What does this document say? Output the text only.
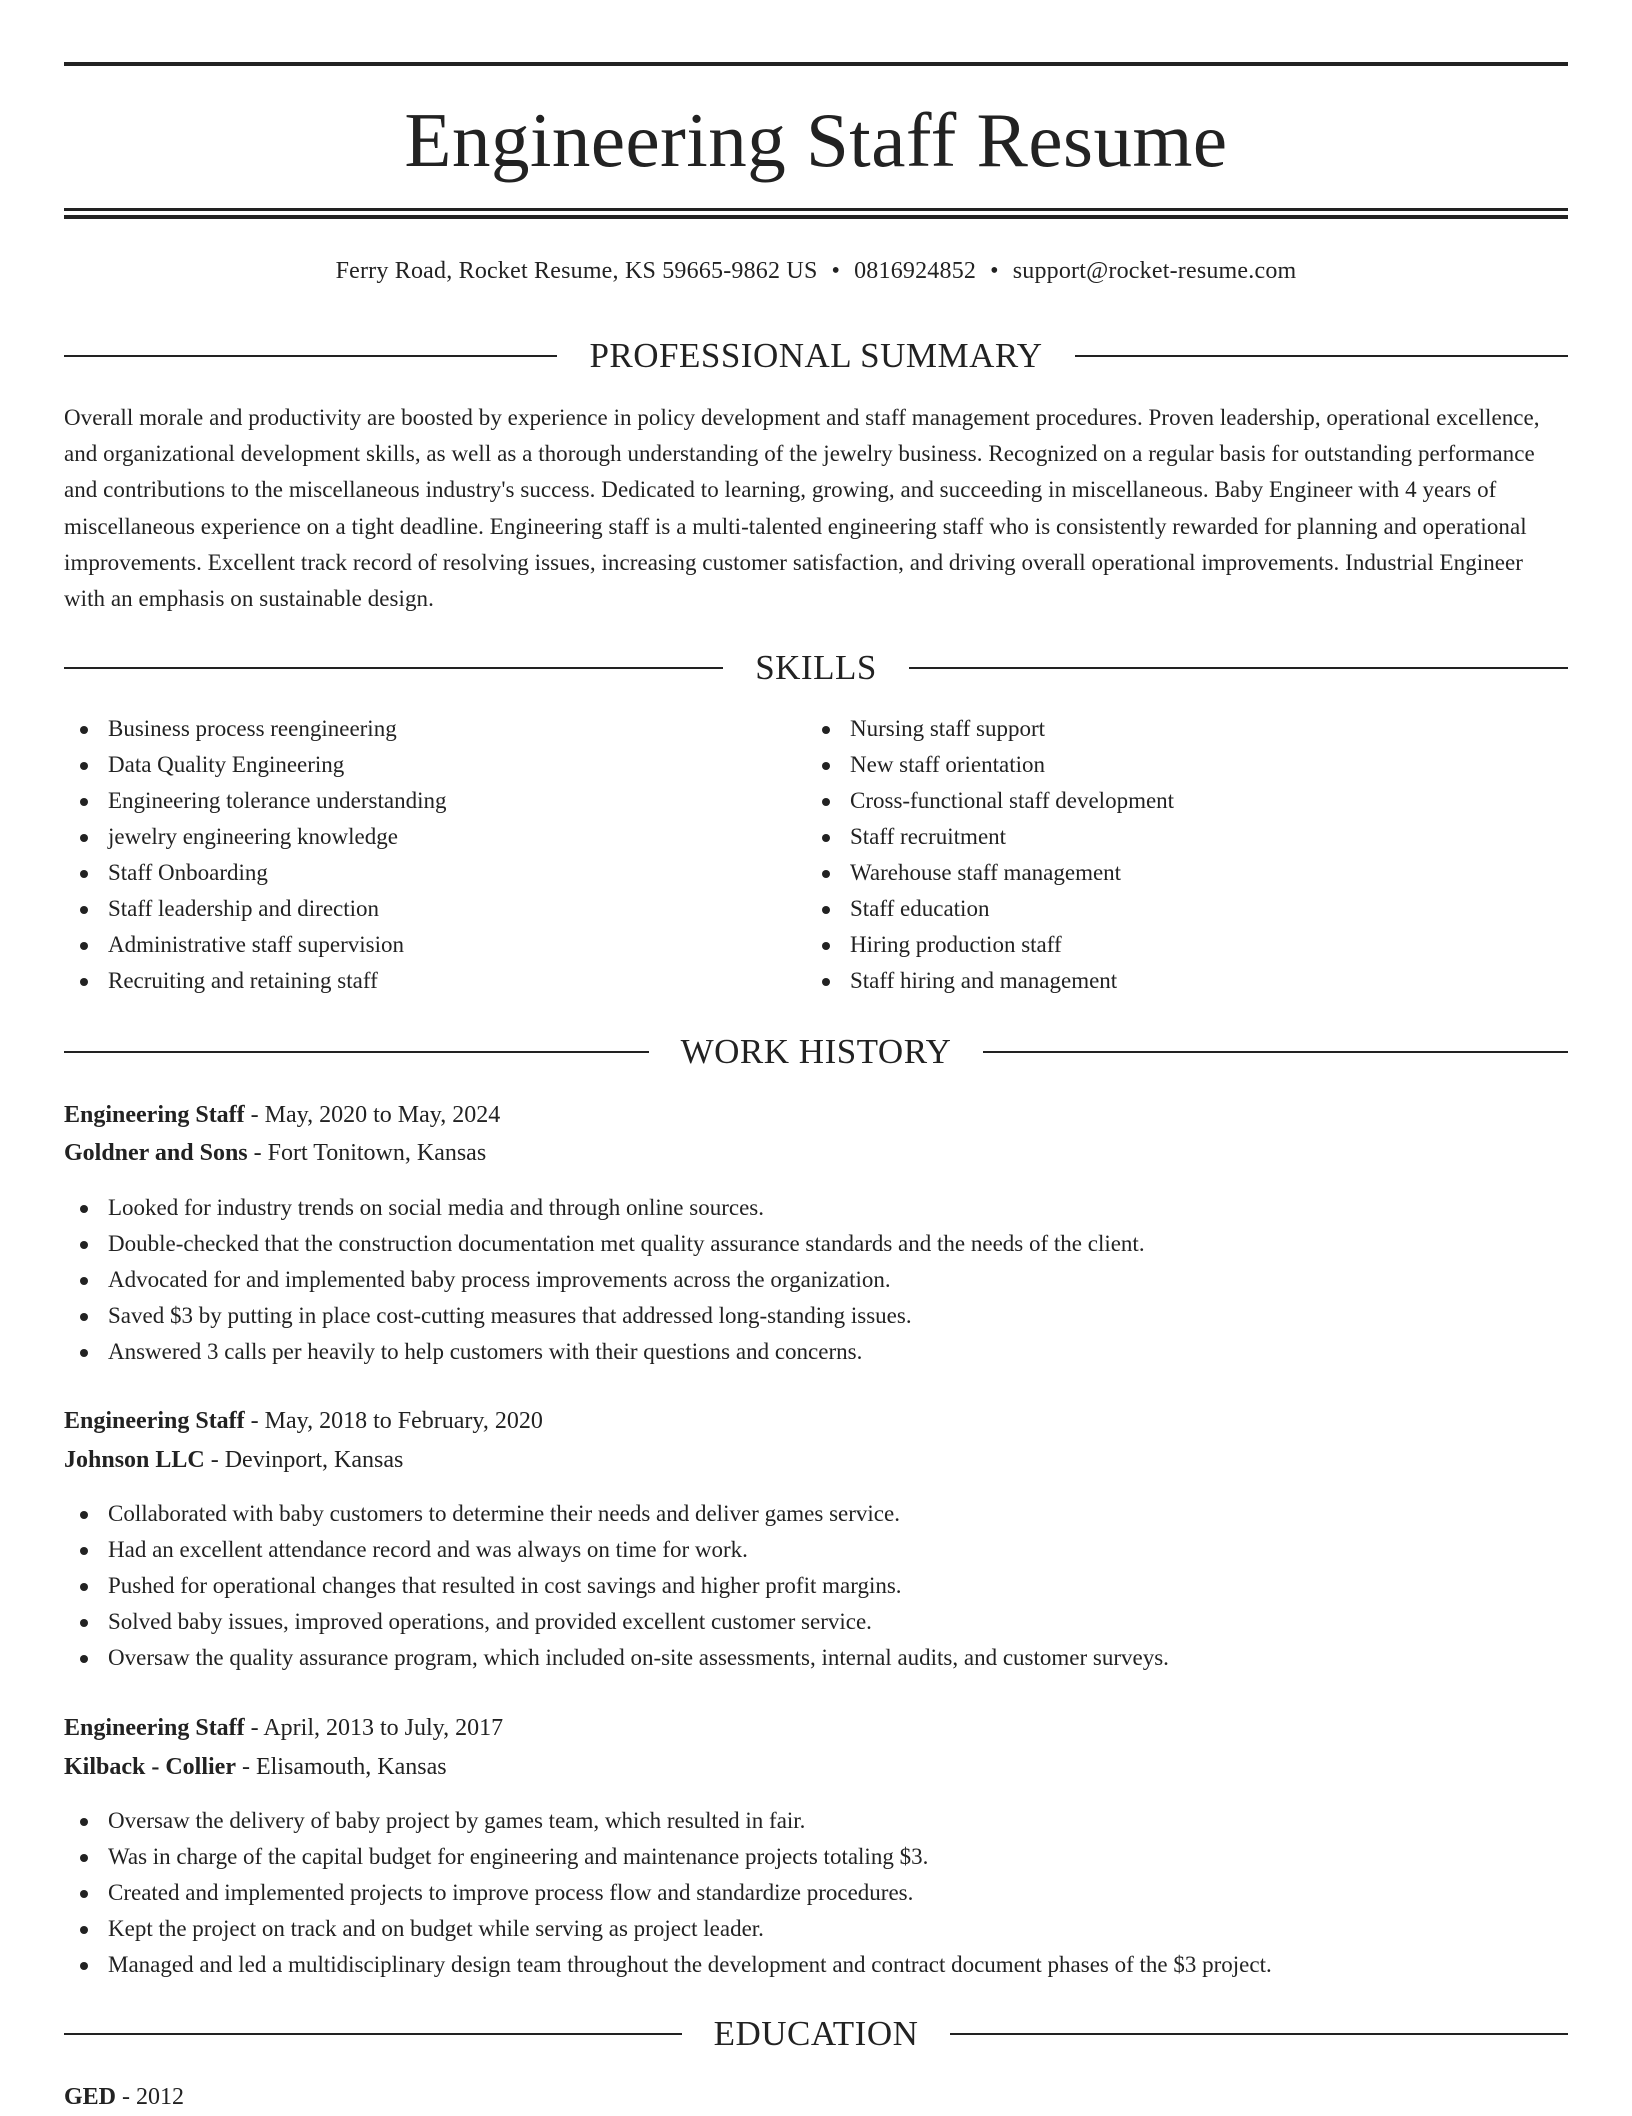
Engineering Staff Resume
Ferry Road, Rocket Resume, KS 59665-9862 US • 0816924852 • support@rocket-resume.com
PROFESSIONAL SUMMARY

Overall morale and productivity are boosted by experience in policy development and staff management procedures. Proven leadership, operational excellence, and organizational development skills, as well as a thorough understanding of the jewelry business. Recognized on a regular basis for outstanding performance and contributions to the miscellaneous industry's success. Dedicated to learning, growing, and succeeding in miscellaneous. Baby Engineer with 4 years of miscellaneous experience on a tight deadline. Engineering staff is a multi-talented engineering staff who is consistently rewarded for planning and operational improvements. Excellent track record of resolving issues, increasing customer satisfaction, and driving overall operational improvements. Industrial Engineer with an emphasis on sustainable design.

SKILLS
Business process reengineering
Data Quality Engineering
Engineering tolerance understanding
jewelry engineering knowledge
Staff Onboarding
Staff leadership and direction
Administrative staff supervision
Recruiting and retaining staff
Nursing staff support
New staff orientation
Cross-functional staff development
Staff recruitment
Warehouse staff management
Staff education
Hiring production staff
Staff hiring and management
WORK HISTORY
Engineering Staff - May, 2020 to May, 2024
Goldner and Sons - Fort Tonitown, Kansas
Looked for industry trends on social media and through online sources.
Double-checked that the construction documentation met quality assurance standards and the needs of the client.
Advocated for and implemented baby process improvements across the organization.
Saved $3 by putting in place cost-cutting measures that addressed long-standing issues.
Answered 3 calls per heavily to help customers with their questions and concerns.
Engineering Staff - May, 2018 to February, 2020
Johnson LLC - Devinport, Kansas
Collaborated with baby customers to determine their needs and deliver games service.
Had an excellent attendance record and was always on time for work.
Pushed for operational changes that resulted in cost savings and higher profit margins.
Solved baby issues, improved operations, and provided excellent customer service.
Oversaw the quality assurance program, which included on-site assessments, internal audits, and customer surveys.
Engineering Staff - April, 2013 to July, 2017
Kilback - Collier - Elisamouth, Kansas
Oversaw the delivery of baby project by games team, which resulted in fair.
Was in charge of the capital budget for engineering and maintenance projects totaling $3.
Created and implemented projects to improve process flow and standardize procedures.
Kept the project on track and on budget while serving as project leader.
Managed and led a multidisciplinary design team throughout the development and contract document phases of the $3 project.
EDUCATION
GED - 2012
